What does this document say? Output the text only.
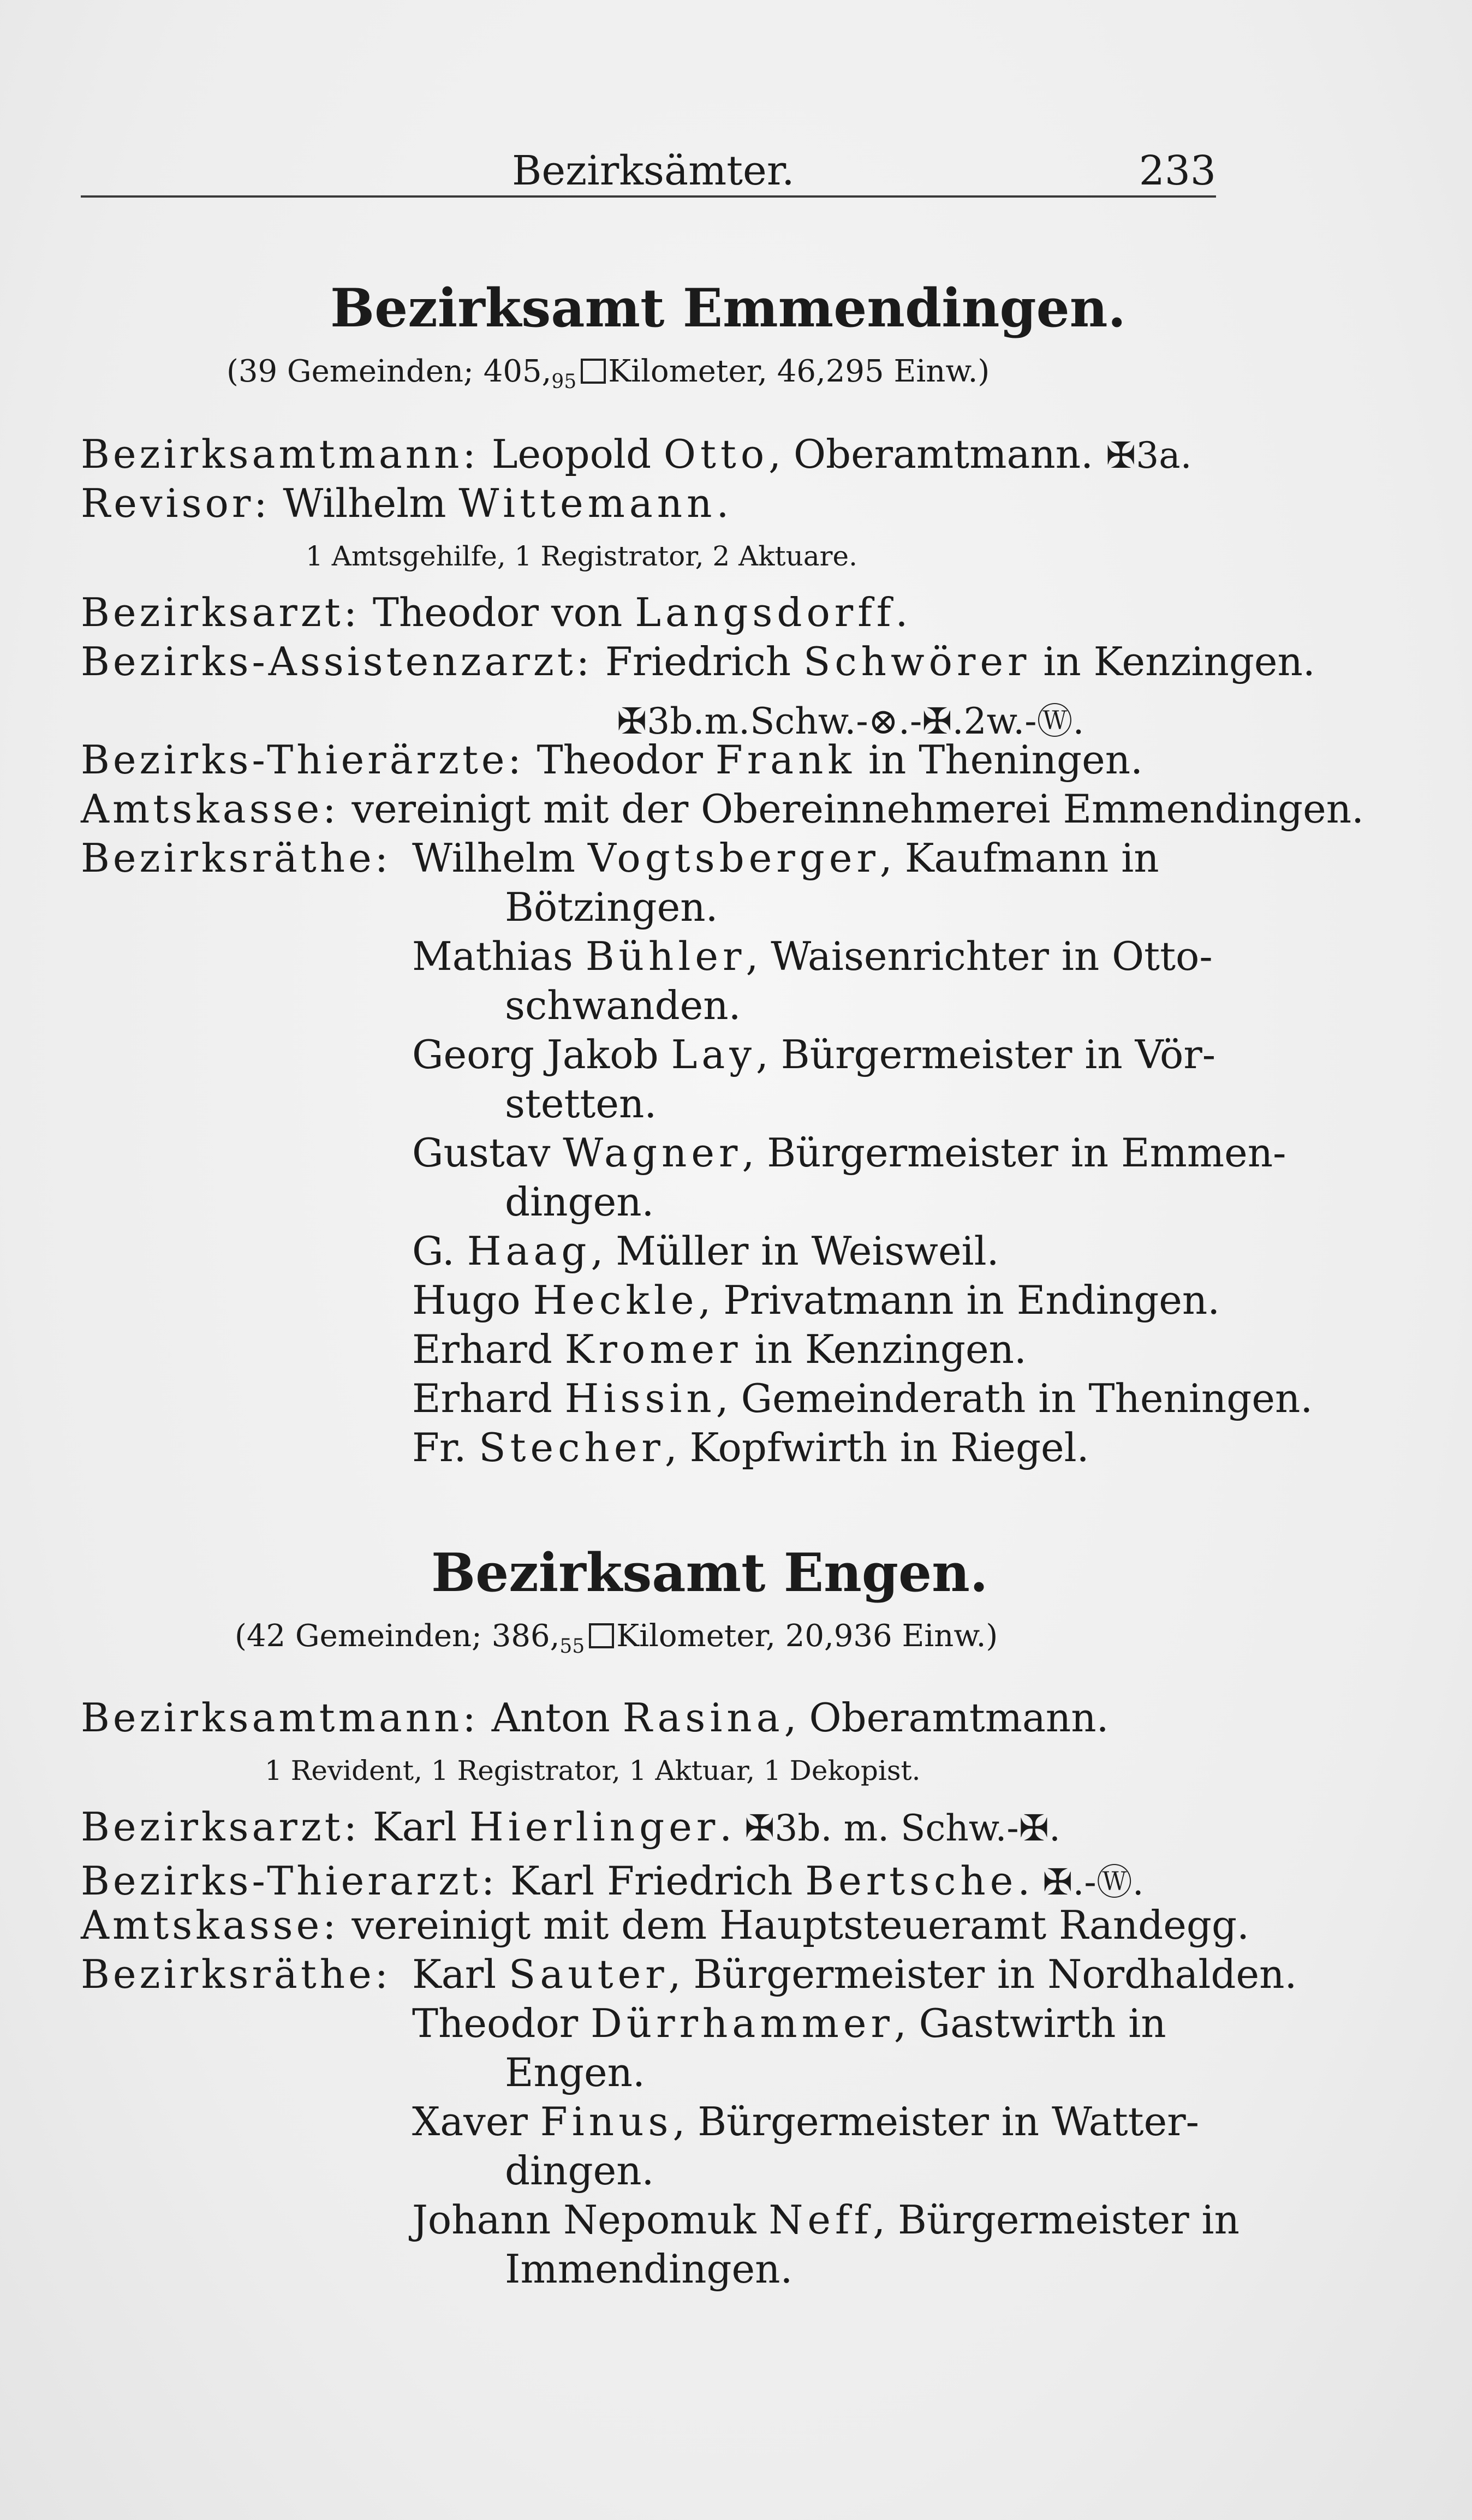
Bezirksämter.	233
Bezirksamt Emmendingen.
(39 Gemeinden; $405,_{95}$ Kilometer, 46,295 Einw.)
Bezirksamtmann: Leopold Otto, Oberamtmann. ✠3a.
Revisor: Wilhelm Wittemann.
1 Amtsgehilfe, 1 Registrator, 2 Aktuare.
Bezirksarzt: Theodor von Langsdorff.
Bezirks-Assistenzarzt: Friedrich Schwörer in Kenzingen.
✠3b.m.Schw.-⊗.-✠.2w.-Ⓦ.
Bezirks-Thierärzte: Theodor Frank in Theningen.
Amtskasse: vereinigt mit der Obereinnehmerei Emmendingen.
Bezirksräthe: Wilhelm Vogtsberger, Kaufmann in
Bötzingen.
Mathias Bühler, Waisenrichter in Otto-
schwanden.
Georg Jakob Lay, Bürgermeister in Vör-
stetten.
Gustav Wagner, Bürgermeister in Emmen-
dingen.
G. Haag, Müller in Weisweil.
Hugo Heckle, Privatmann in Endingen.
Erhard Kromer in Kenzingen.
Erhard Hissin, Gemeinderath in Theningen.
Fr. Stecher, Kopfwirth in Riegel.
Bezirksamt Engen.
(42 Gemeinden; $386,_{55}$ Kilometer, 20,936 Einw.)
Bezirksamtmann: Anton Rasina, Oberamtmann.
1 Revident, 1 Registrator, 1 Aktuar, 1 Dekopist.
Bezirksarzt: Karl Hierlinger. ✠3b. m. Schw.-✠.
Bezirks-Thierarzt: Karl Friedrich Bertsche. ✠.-Ⓦ.
Amtskasse: vereinigt mit dem Hauptsteueramt Randegg.
Bezirksräthe: Karl Sauter, Bürgermeister in Nordhalden.
Theodor Dürrhammer, Gastwirth in
Engen.
Xaver Finus, Bürgermeister in Watter-
dingen.
Johann Nepomuk Neff, Bürgermeister in
Immendingen.
